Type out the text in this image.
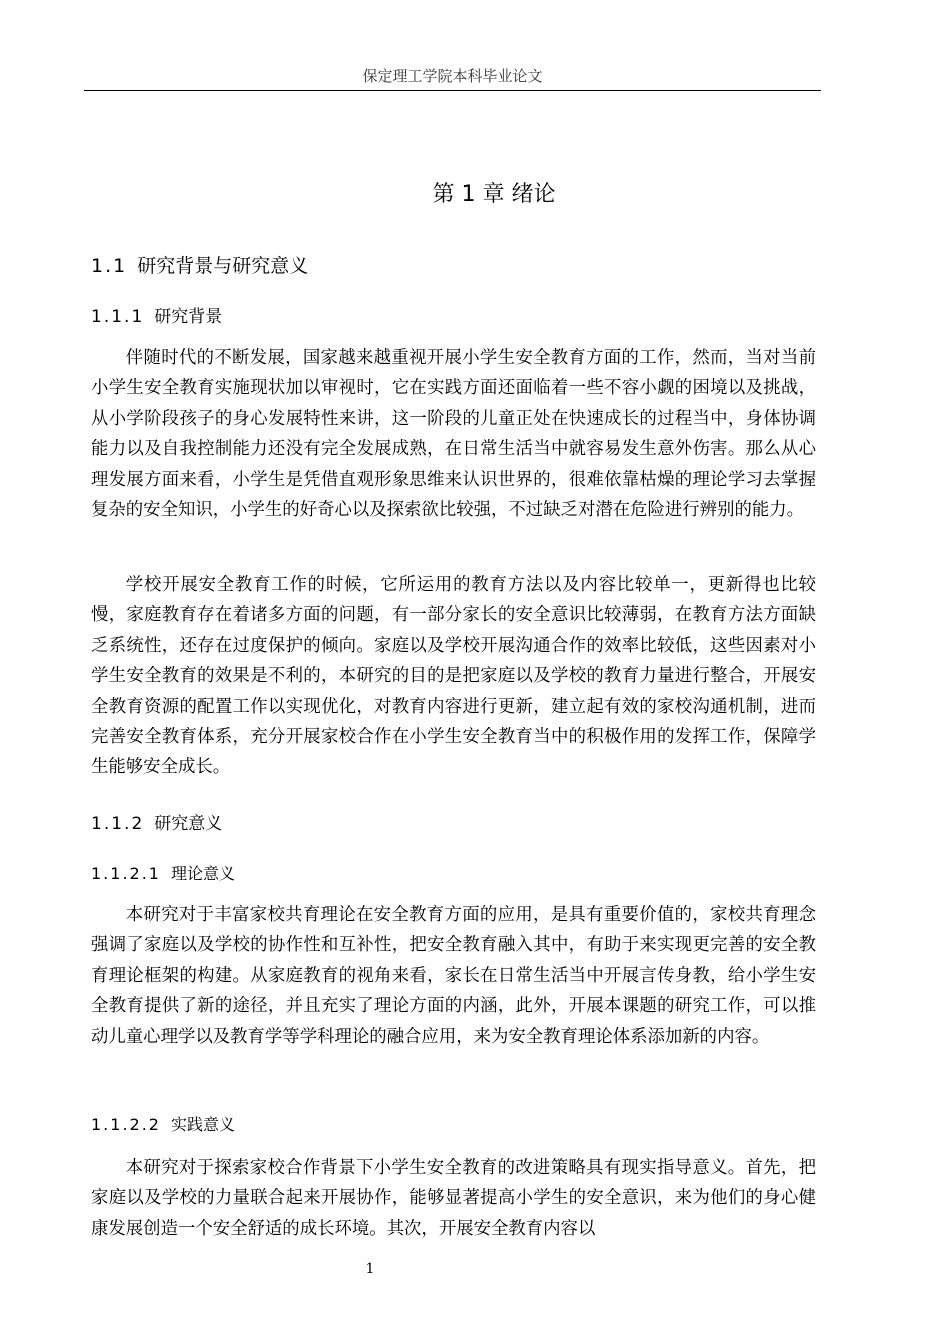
保定理工学院本科毕业论文
第 1 章 绪论
1.1 研究背景与研究意义
1.1.1 研究背景

伴随时代的不断发展，国家越来越重视开展小学生安全教育方面的工作，然而，当对当前小学生安全教育实施现状加以审视时，它在实践方面还面临着一些不容小觑的困境以及挑战，从小学阶段孩子的身心发展特性来讲，这一阶段的儿童正处在快速成长的过程当中，身体协调能力以及自我控制能力还没有完全发展成熟，在日常生活当中就容易发生意外伤害。那么从心理发展方面来看，小学生是凭借直观形象思维来认识世界的，很难依靠枯燥的理论学习去掌握复杂的安全知识，小学生的好奇心以及探索欲比较强，不过缺乏对潜在危险进行辨别的能力。

学校开展安全教育工作的时候，它所运用的教育方法以及内容比较单一，更新得也比较慢，家庭教育存在着诸多方面的问题，有一部分家长的安全意识比较薄弱，在教育方法方面缺乏系统性，还存在过度保护的倾向。家庭以及学校开展沟通合作的效率比较低，这些因素对小学生安全教育的效果是不利的，本研究的目的是把家庭以及学校的教育力量进行整合，开展安全教育资源的配置工作以实现优化，对教育内容进行更新，建立起有效的家校沟通机制，进而完善安全教育体系，充分开展家校合作在小学生安全教育当中的积极作用的发挥工作，保障学生能够安全成长。

1.1.2 研究意义
1.1.2.1 理论意义

本研究对于丰富家校共育理论在安全教育方面的应用，是具有重要价值的，家校共育理念强调了家庭以及学校的协作性和互补性，把安全教育融入其中，有助于来实现更完善的安全教育理论框架的构建。从家庭教育的视角来看，家长在日常生活当中开展言传身教，给小学生安全教育提供了新的途径，并且充实了理论方面的内涵，此外，开展本课题的研究工作，可以推动儿童心理学以及教育学等学科理论的融合应用，来为安全教育理论体系添加新的内容。

1.1.2.2 实践意义

本研究对于探索家校合作背景下小学生安全教育的改进策略具有现实指导意义。首先，把家庭以及学校的力量联合起来开展协作，能够显著提高小学生的安全意识，来为他们的身心健康发展创造一个安全舒适的成长环境。其次，开展安全教育内容以

1
